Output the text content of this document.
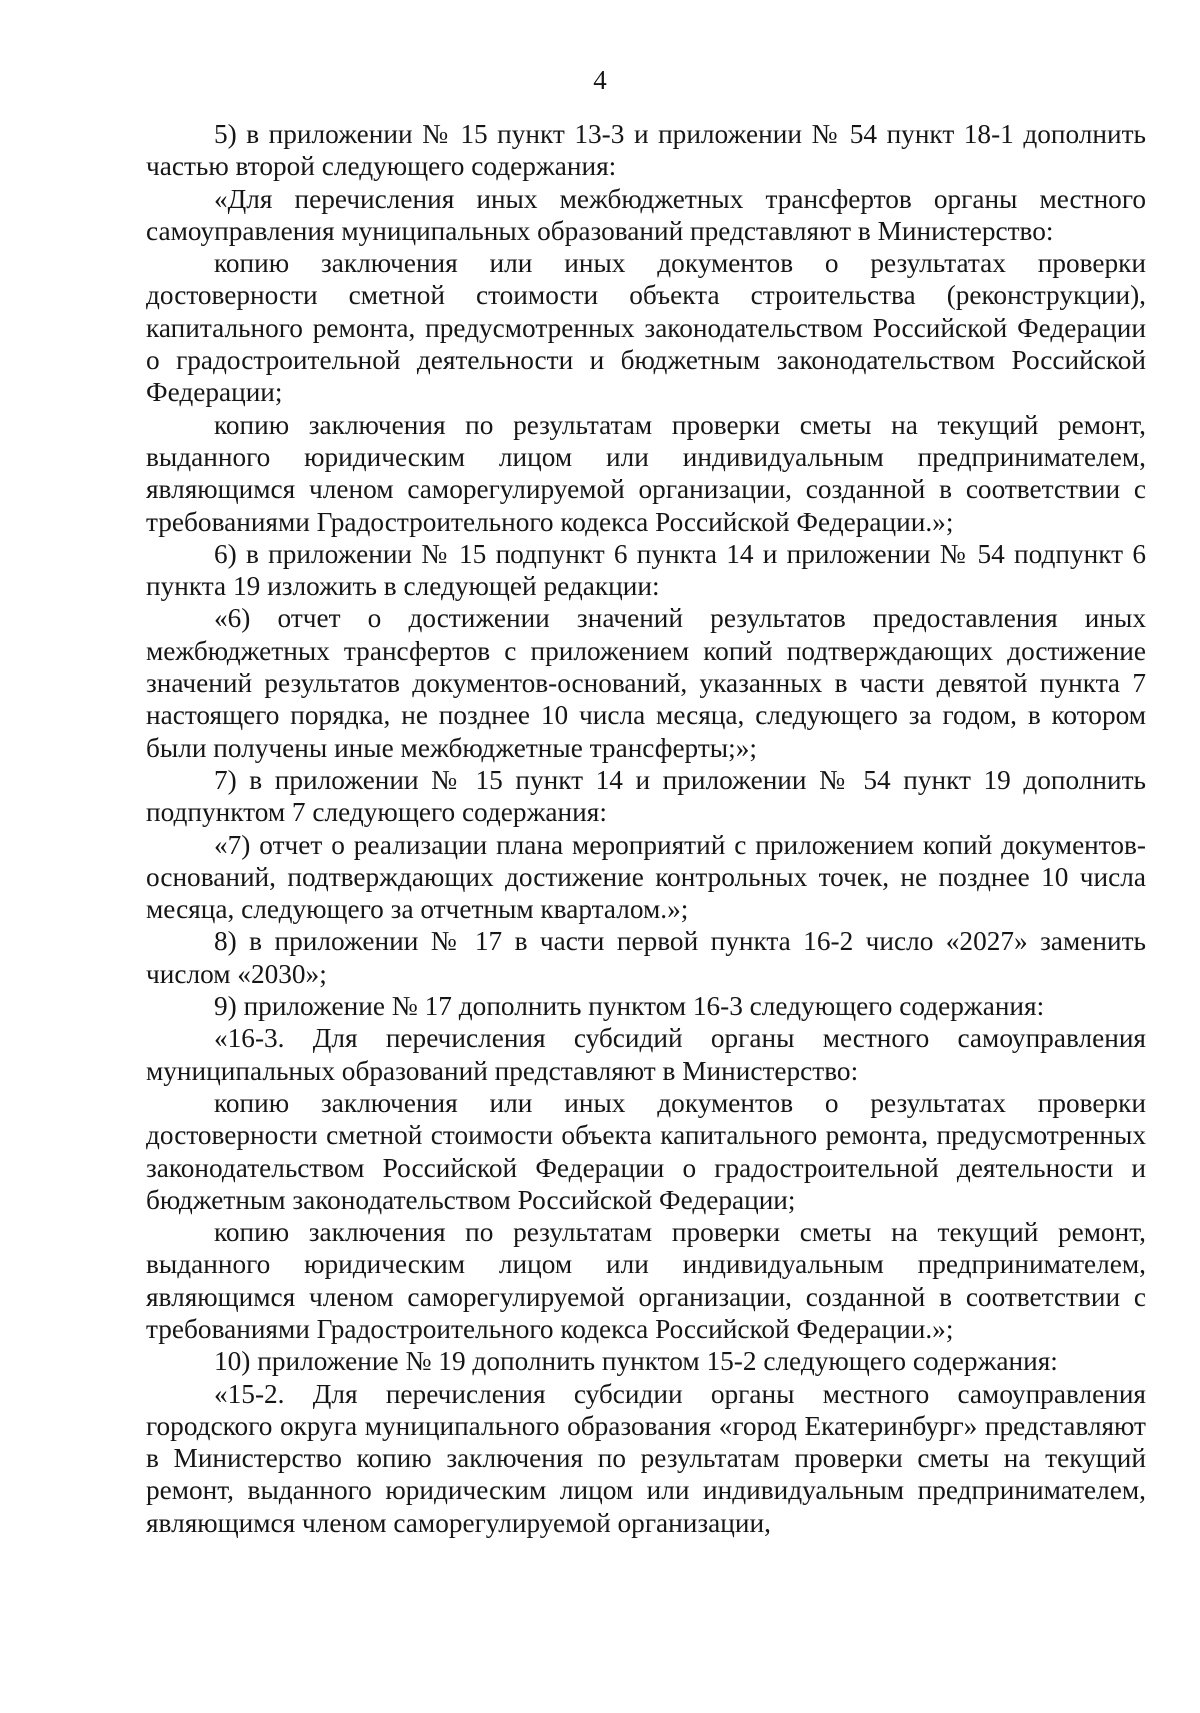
4

5) в приложении № 15 пункт 13-3 и приложении № 54 пункт 18-1 дополнить частью второй следующего содержания:

«Для перечисления иных межбюджетных трансфертов органы местного самоуправления муниципальных образований представляют в Министерство:

копию заключения или иных документов о результатах проверки достоверности сметной стоимости объекта строительства (реконструкции), капитального ремонта, предусмотренных законодательством Российской Федерации о градостроительной деятельности и бюджетным законодательством Российской Федерации;

копию заключения по результатам проверки сметы на текущий ремонт, выданного юридическим лицом или индивидуальным предпринимателем, являющимся членом саморегулируемой организации, созданной в соответствии с требованиями Градостроительного кодекса Российской Федерации.»;

6) в приложении № 15 подпункт 6 пункта 14 и приложении № 54 подпункт 6 пункта 19 изложить в следующей редакции:

«6) отчет о достижении значений результатов предоставления иных межбюджетных трансфертов с приложением копий подтверждающих достижение значений результатов документов-оснований, указанных в части девятой пункта 7 настоящего порядка, не позднее 10 числа месяца, следующего за годом, в котором были получены иные межбюджетные трансферты;»;

7) в приложении № 15 пункт 14 и приложении № 54 пункт 19 дополнить подпунктом 7 следующего содержания:

«7) отчет о реализации плана мероприятий с приложением копий документов-оснований, подтверждающих достижение контрольных точек, не позднее 10 числа месяца, следующего за отчетным кварталом.»;

8) в приложении № 17 в части первой пункта 16-2 число «2027» заменить числом «2030»;

9) приложение № 17 дополнить пунктом 16-3 следующего содержания:

«16-3. Для перечисления субсидий органы местного самоуправления муниципальных образований представляют в Министерство:

копию заключения или иных документов о результатах проверки достоверности сметной стоимости объекта капитального ремонта, предусмотренных законодательством Российской Федерации о градостроительной деятельности и бюджетным законодательством Российской Федерации;

копию заключения по результатам проверки сметы на текущий ремонт, выданного юридическим лицом или индивидуальным предпринимателем, являющимся членом саморегулируемой организации, созданной в соответствии с требованиями Градостроительного кодекса Российской Федерации.»;

10) приложение № 19 дополнить пунктом 15-2 следующего содержания:

«15-2. Для перечисления субсидии органы местного самоуправления городского округа муниципального образования «город Екатеринбург» представляют в Министерство копию заключения по результатам проверки сметы на текущий ремонт, выданного юридическим лицом или индивидуальным предпринимателем, являющимся членом саморегулируемой организации,
